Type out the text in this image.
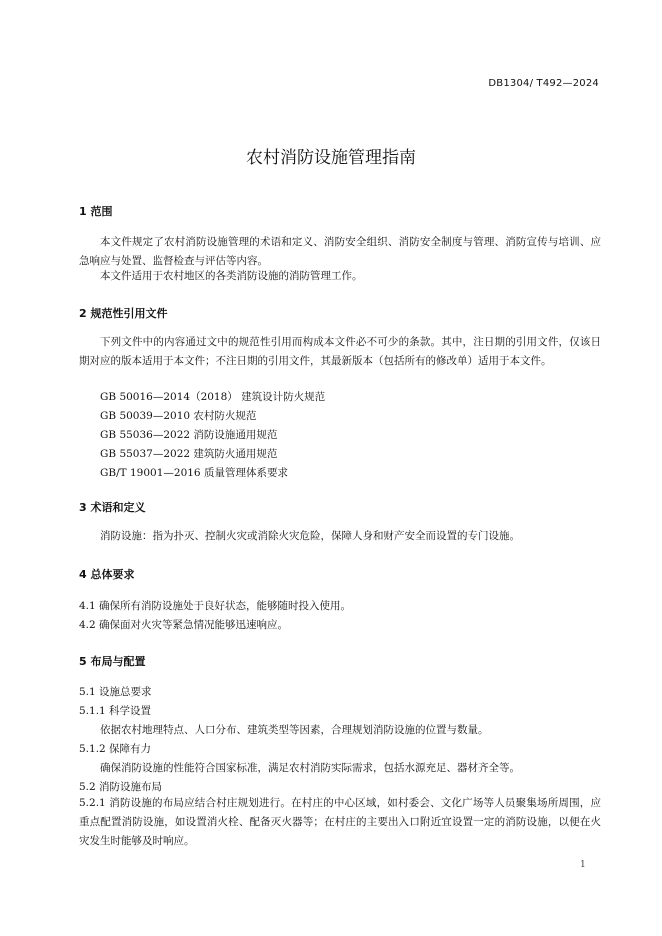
DB1304/ T492—2024
农村消防设施管理指南
1 范围
本文件规定了农村消防设施管理的术语和定义、消防安全组织、消防安全制度与管理、消防宣传与培训、应急响应与处置、监督检查与评估等内容。
本文件适用于农村地区的各类消防设施的消防管理工作。
2 规范性引用文件
下列文件中的内容通过文中的规范性引用而构成本文件必不可少的条款。其中，注日期的引用文件，仅该日期对应的版本适用于本文件；不注日期的引用文件，其最新版本（包括所有的修改单）适用于本文件。
GB 50016—2014（2018） 建筑设计防火规范
GB 50039—2010 农村防火规范
GB 55036—2022 消防设施通用规范
GB 55037—2022 建筑防火通用规范
GB/T 19001—2016 质量管理体系要求
3 术语和定义
消防设施：指为扑灭、控制火灾或消除火灾危险，保障人身和财产安全而设置的专门设施。
4 总体要求
4.1 确保所有消防设施处于良好状态，能够随时投入使用。
4.2 确保面对火灾等紧急情况能够迅速响应。
5 布局与配置
5.1 设施总要求
5.1.1 科学设置
依据农村地理特点、人口分布、建筑类型等因素，合理规划消防设施的位置与数量。
5.1.2 保障有力
确保消防设施的性能符合国家标准，满足农村消防实际需求，包括水源充足、器材齐全等。
5.2 消防设施布局
5.2.1 消防设施的布局应结合村庄规划进行。在村庄的中心区域，如村委会、文化广场等人员聚集场所周围，应重点配置消防设施，如设置消火栓、配备灭火器等；在村庄的主要出入口附近宜设置一定的消防设施，以便在火灾发生时能够及时响应。
1
